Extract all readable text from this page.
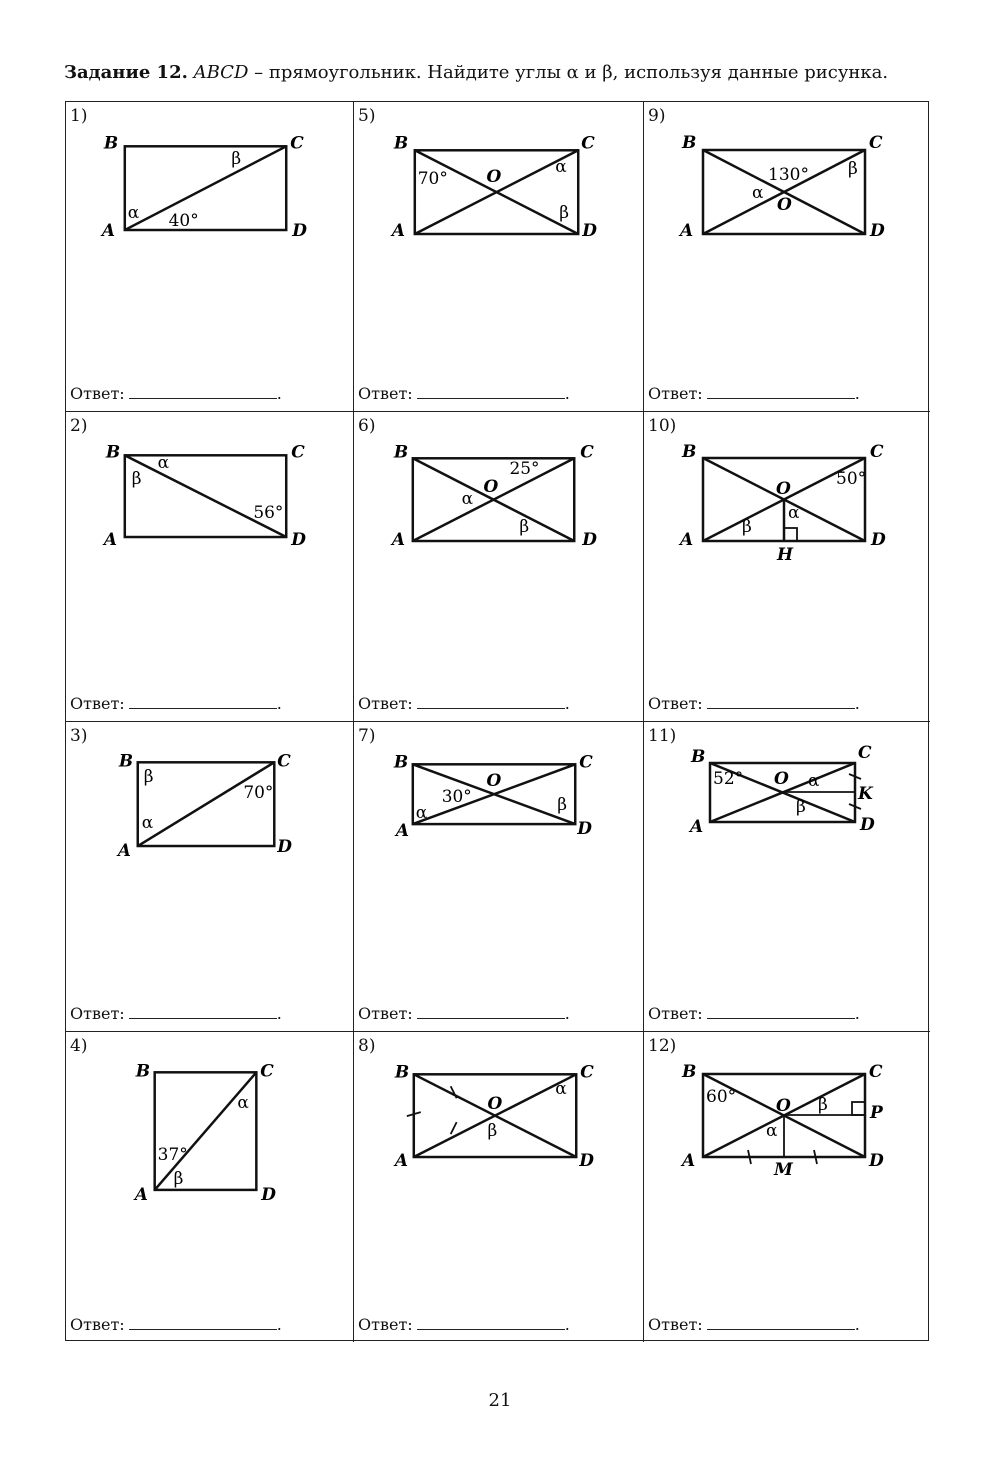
Задание 12. ABCD – прямоугольник. Найдите углы α и β, используя данные рисунка.
1)
B	C
A	D
β
α 40°
Ответ:	.
5)
B	C
A	D
O
70°
α
β
Ответ:	.
9)
B	C
A	D
O
130°
α
β
Ответ:	.
2)
B	C
A	D
α
β
56°
Ответ:	.
6)
B	C
A	D
O
25°
α
β
Ответ:	.
10)
B	C
A	D
O
H
50°
α
β
Ответ:	.
3)
B	C
A	D
β
α
70°
Ответ:	.
7)
B	C
A	D
O
30°
α	β
Ответ:	.
11)
B	C
A	D
O
K
52°	α
β
Ответ:	.
4)
B	C
A	D
α
37°
β
Ответ:	.
8)
B	C
A	D
O
α
β
Ответ:	.
12)
B	C
A	D
O	P
M
60°	β
α
Ответ:	.
21
